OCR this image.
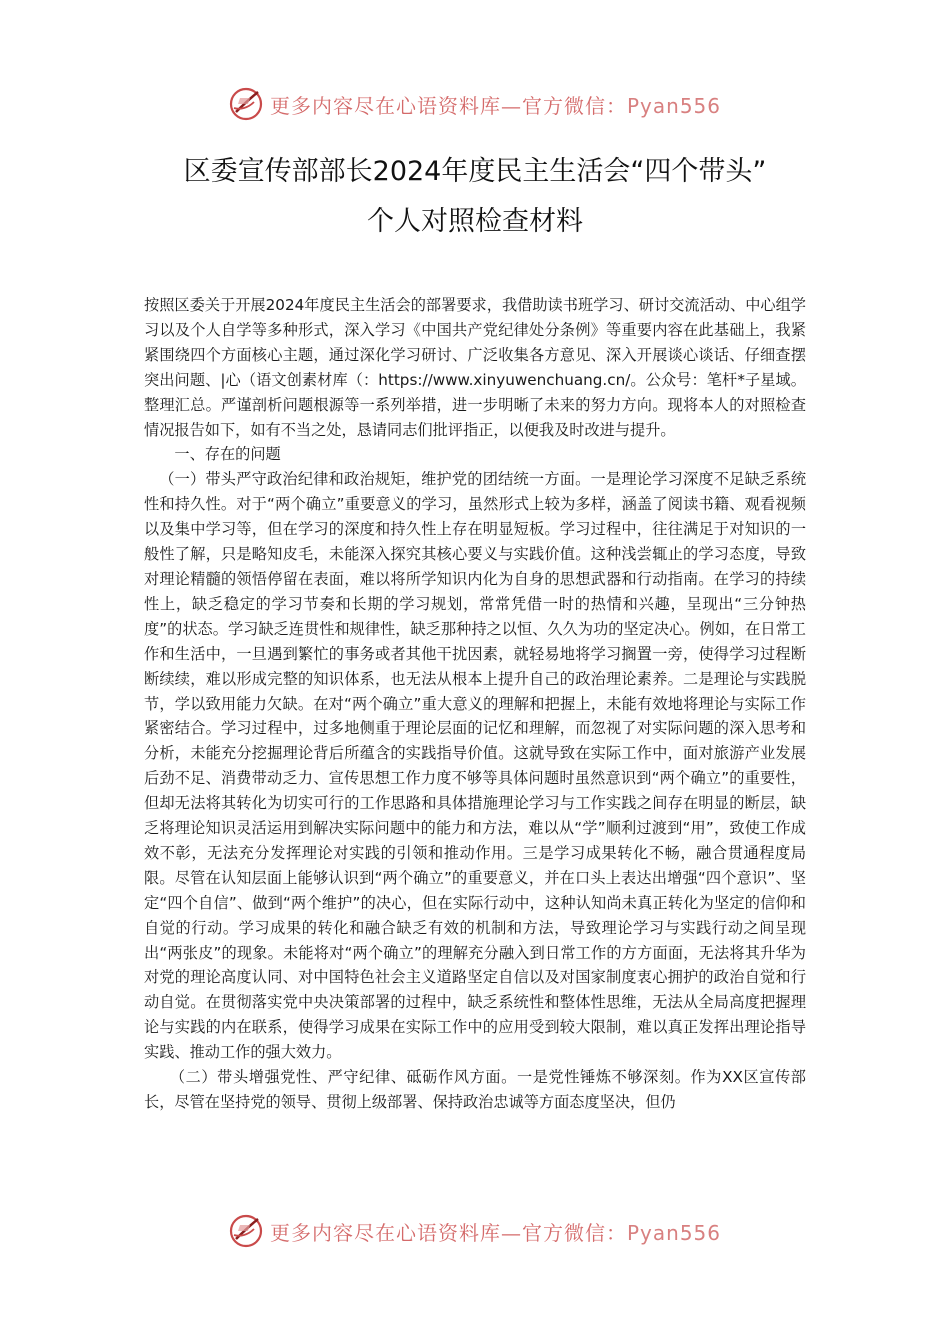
更多内容尽在心语资料库—官方微信：Pyan556
区委宣传部部长2024年度民主生活会“四个带头”
个人对照检查材料

按照区委关于开展2024年度民主生活会的部署要求，我借助读书班学习、研讨交流活动、中心组学习以及个人自学等多种形式，深入学习《中国共产党纪律处分条例》等重要内容在此基础上，我紧紧围绕四个方面核心主题，通过深化学习研讨、广泛收集各方意见、深入开展谈心谈话、仔细查摆突出问题、|心（语文创素材库（：https://www.xinyuwenchuang.cn/。公众号：笔杆*子星域。整理汇总。严谨剖析问题根源等一系列举措，进一步明晰了未来的努力方向。现将本人的对照检查情况报告如下，如有不当之处，恳请同志们批评指正，以便我及时改进与提升。

一、存在的问题

（一）带头严守政治纪律和政治规矩，维护党的团结统一方面。一是理论学习深度不足缺乏系统性和持久性。对于“两个确立”重要意义的学习，虽然形式上较为多样，涵盖了阅读书籍、观看视频以及集中学习等，但在学习的深度和持久性上存在明显短板。学习过程中，往往满足于对知识的一般性了解，只是略知皮毛，未能深入探究其核心要义与实践价值。这种浅尝辄止的学习态度，导致对理论精髓的领悟停留在表面，难以将所学知识内化为自身的思想武器和行动指南。在学习的持续性上，缺乏稳定的学习节奏和长期的学习规划，常常凭借一时的热情和兴趣，呈现出“三分钟热度”的状态。学习缺乏连贯性和规律性，缺乏那种持之以恒、久久为功的坚定决心。例如，在日常工作和生活中，一旦遇到繁忙的事务或者其他干扰因素，就轻易地将学习搁置一旁，使得学习过程断断续续，难以形成完整的知识体系，也无法从根本上提升自己的政治理论素养。二是理论与实践脱节，学以致用能力欠缺。在对“两个确立”重大意义的理解和把握上，未能有效地将理论与实际工作紧密结合。学习过程中，过多地侧重于理论层面的记忆和理解，而忽视了对实际问题的深入思考和分析，未能充分挖掘理论背后所蕴含的实践指导价值。这就导致在实际工作中，面对旅游产业发展后劲不足、消费带动乏力、宣传思想工作力度不够等具体问题时虽然意识到“两个确立”的重要性，但却无法将其转化为切实可行的工作思路和具体措施理论学习与工作实践之间存在明显的断层，缺乏将理论知识灵活运用到解决实际问题中的能力和方法，难以从“学”顺利过渡到“用”，致使工作成效不彰，无法充分发挥理论对实践的引领和推动作用。三是学习成果转化不畅，融合贯通程度局限。尽管在认知层面上能够认识到“两个确立”的重要意义，并在口头上表达出增强“四个意识”、坚定“四个自信”、做到“两个维护”的决心，但在实际行动中，这种认知尚未真正转化为坚定的信仰和自觉的行动。学习成果的转化和融合缺乏有效的机制和方法，导致理论学习与实践行动之间呈现出“两张皮”的现象。未能将对“两个确立”的理解充分融入到日常工作的方方面面，无法将其升华为对党的理论高度认同、对中国特色社会主义道路坚定自信以及对国家制度衷心拥护的政治自觉和行动自觉。在贯彻落实党中央决策部署的过程中，缺乏系统性和整体性思维，无法从全局高度把握理论与实践的内在联系，使得学习成果在实际工作中的应用受到较大限制，难以真正发挥出理论指导实践、推动工作的强大效力。

（二）带头增强党性、严守纪律、砥砺作风方面。一是党性锤炼不够深刻。作为XX区宣传部长，尽管在坚持党的领导、贯彻上级部署、保持政治忠诚等方面态度坚决，但仍

更多内容尽在心语资料库—官方微信：Pyan556
